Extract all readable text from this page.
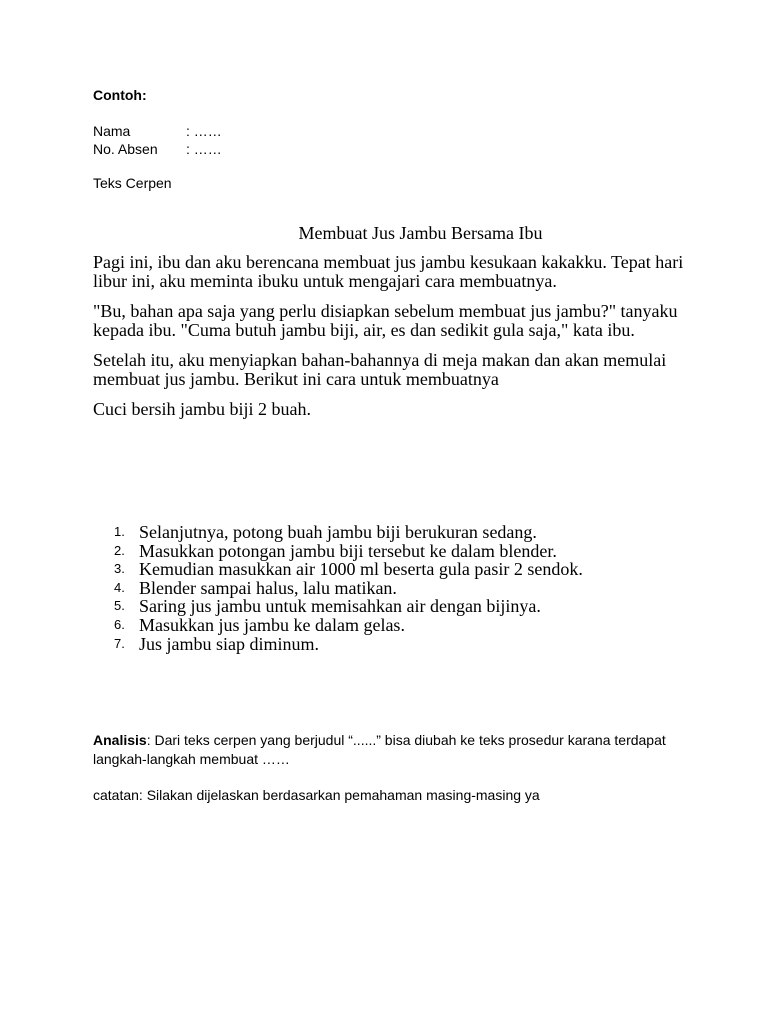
Contoh:
Nama	: ……
No. Absen : ……
Teks Cerpen
Membuat Jus Jambu Bersama Ibu

Pagi ini, ibu dan aku berencana membuat jus jambu kesukaan kakakku. Tepat hari libur ini, aku meminta ibuku untuk mengajari cara membuatnya.

"Bu, bahan apa saja yang perlu disiapkan sebelum membuat jus jambu?" tanyaku kepada ibu. "Cuma butuh jambu biji, air, es dan sedikit gula saja," kata ibu.

Setelah itu, aku menyiapkan bahan-bahannya di meja makan dan akan memulai membuat jus jambu. Berikut ini cara untuk membuatnya

Cuci bersih jambu biji 2 buah.

1. Selanjutnya, potong buah jambu biji berukuran sedang.
2. Masukkan potongan jambu biji tersebut ke dalam blender.
3. Kemudian masukkan air 1000 ml beserta gula pasir 2 sendok.
4. Blender sampai halus, lalu matikan.
5. Saring jus jambu untuk memisahkan air dengan bijinya.
6. Masukkan jus jambu ke dalam gelas.
7. Jus jambu siap diminum.
Analisis: Dari teks cerpen yang berjudul “......” bisa diubah ke teks prosedur karana terdapat langkah-langkah membuat ……
catatan: Silakan dijelaskan berdasarkan pemahaman masing-masing ya
